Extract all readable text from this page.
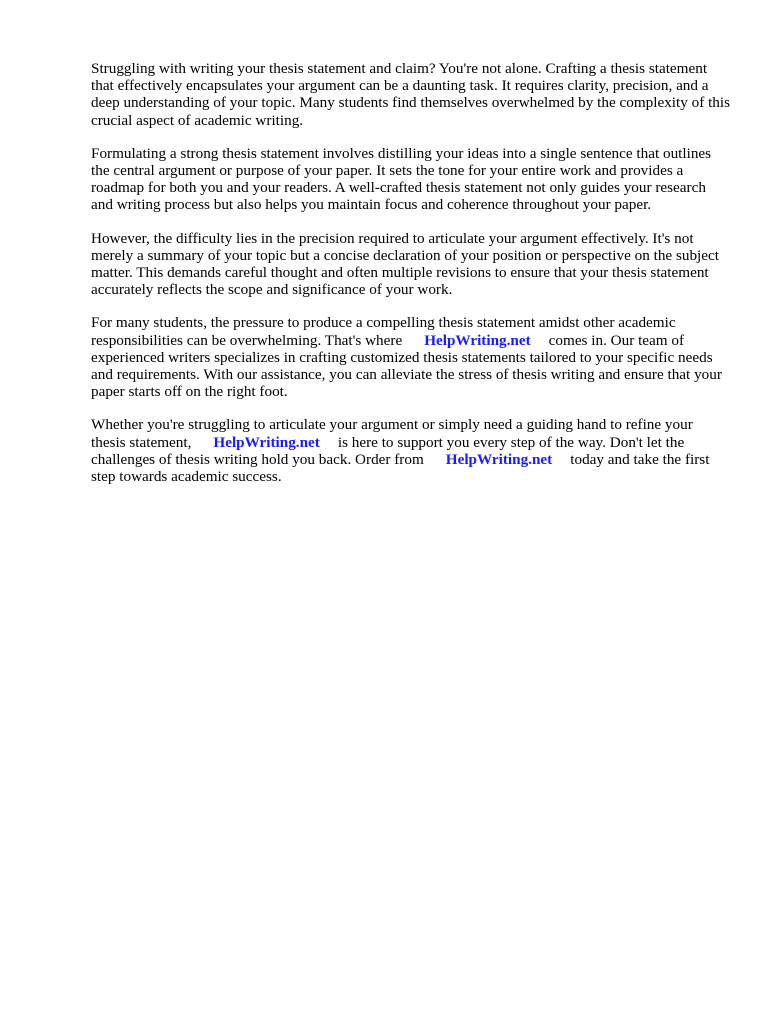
Struggling with writing your thesis statement and claim? You're not alone. Crafting a thesis statement that effectively encapsulates your argument can be a daunting task. It requires clarity, precision, and a deep understanding of your topic. Many students find themselves overwhelmed by the complexity of this crucial aspect of academic writing.

Formulating a strong thesis statement involves distilling your ideas into a single sentence that outlines the central argument or purpose of your paper. It sets the tone for your entire work and provides a roadmap for both you and your readers. A well-crafted thesis statement not only guides your research and writing process but also helps you maintain focus and coherence throughout your paper.

However, the difficulty lies in the precision required to articulate your argument effectively. It's not merely a summary of your topic but a concise declaration of your position or perspective on the subject matter. This demands careful thought and often multiple revisions to ensure that your thesis statement accurately reflects the scope and significance of your work.

For many students, the pressure to produce a compelling thesis statement amidst other academic responsibilities can be overwhelming. That's where HelpWriting.net comes in. Our team of experienced writers specializes in crafting customized thesis statements tailored to your specific needs and requirements. With our assistance, you can alleviate the stress of thesis writing and ensure that your paper starts off on the right foot.

Whether you're struggling to articulate your argument or simply need a guiding hand to refine your thesis statement, HelpWriting.net is here to support you every step of the way. Don't let the challenges of thesis writing hold you back. Order from HelpWriting.net today and take the first step towards academic success.
